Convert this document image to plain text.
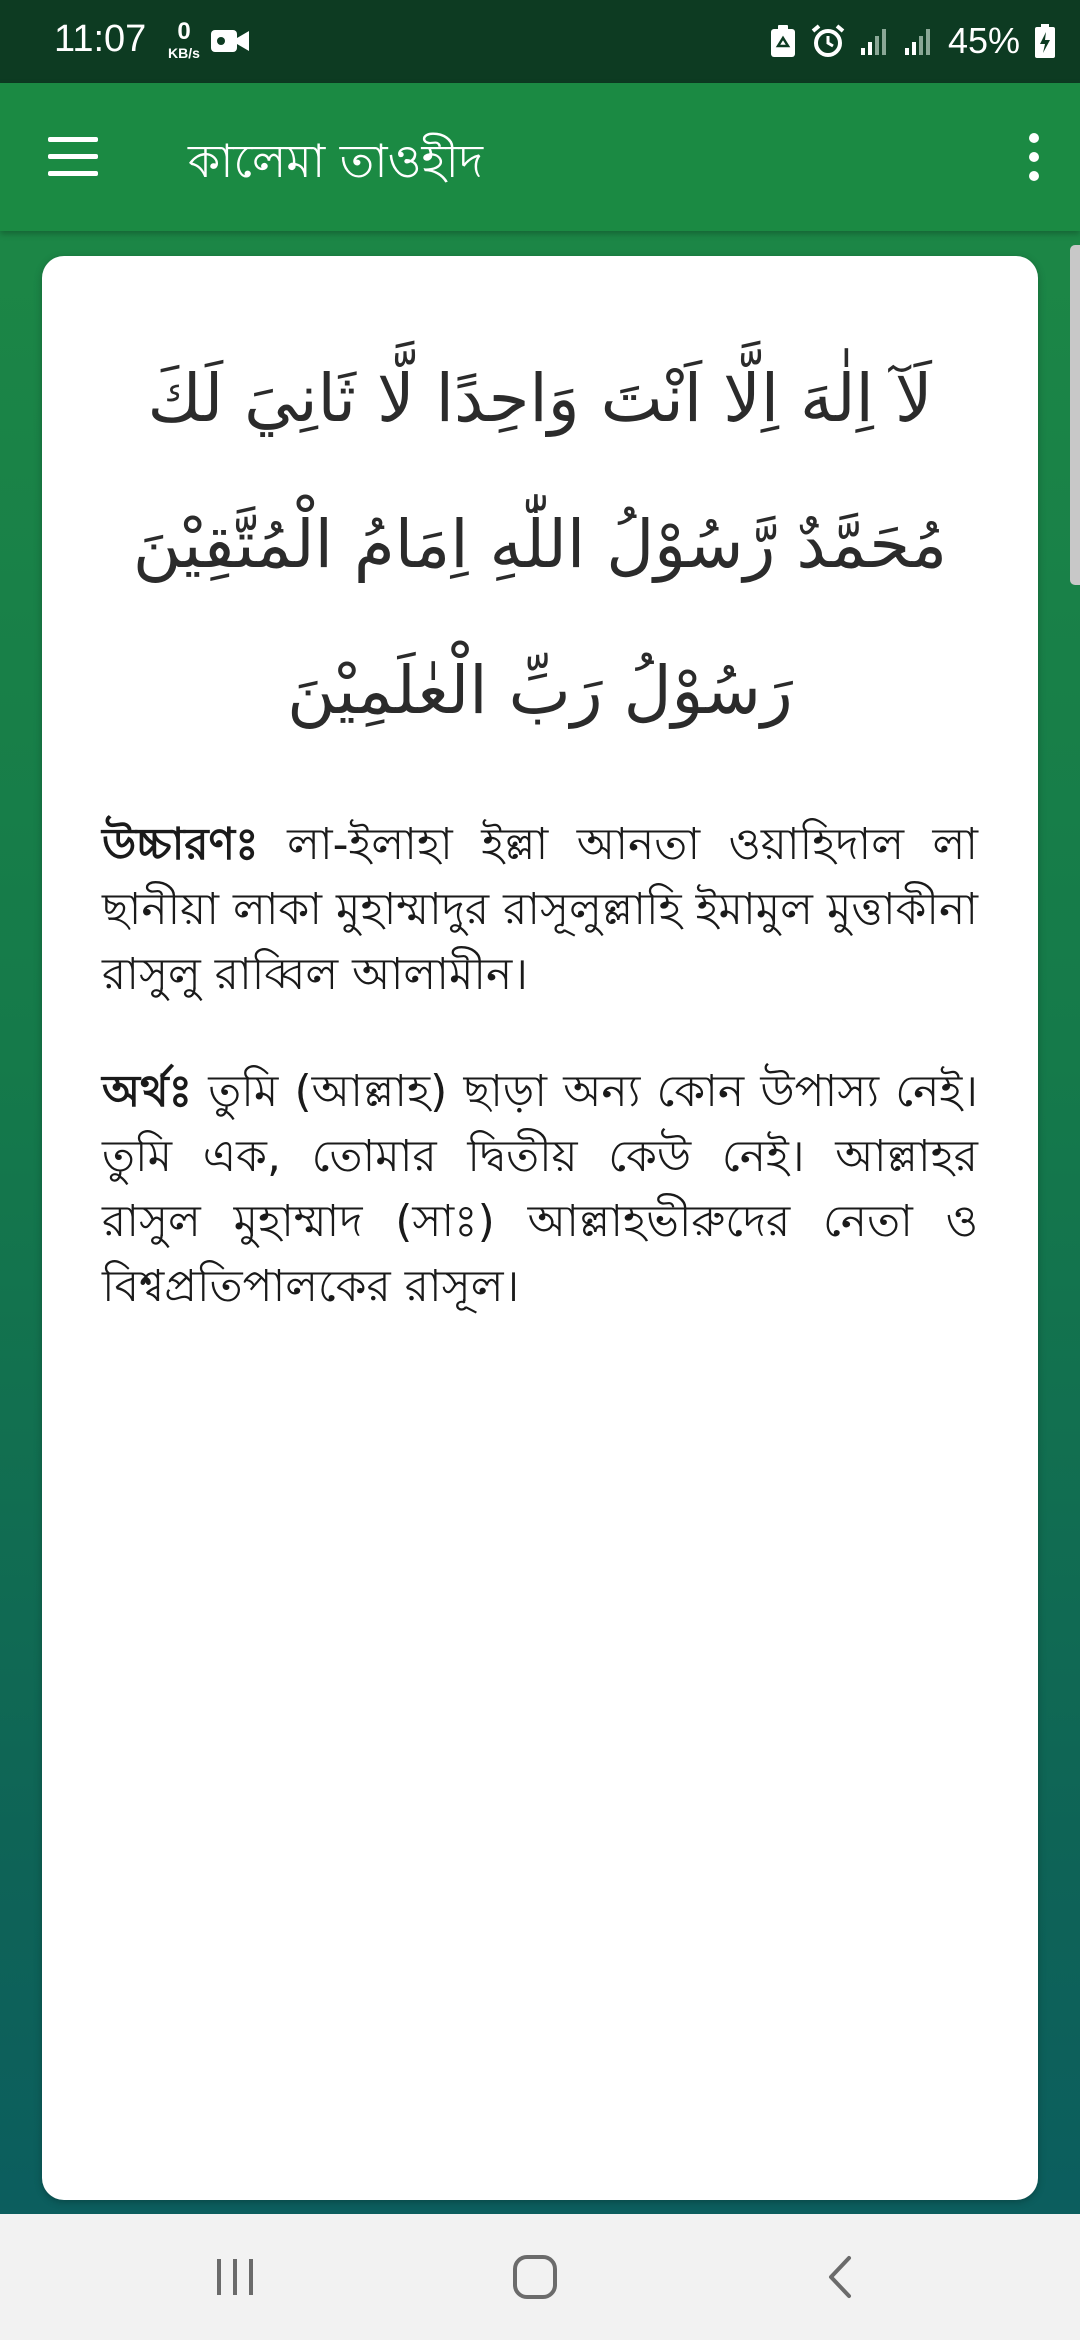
11:07	0
KB/s	45%
কালেমা তাওহীদ

لَآ اِلٰهَ اِلَّا اَنْتَ وَاحِدًا لَّا ثَانِيَ لَكَ مُحَمَّدٌ رَّسُوْلُ اللّٰهِ اِمَامُ الْمُتَّقِيْنَ رَسُوْلُ رَبِّ الْعٰلَمِيْنَ

উচ্চারণঃ লা-ইলাহা ইল্লা আনতা ওয়াহিদাল লা ছানীয়া লাকা মুহাম্মাদুর রাসূলুল্লাহি ইমামুল মুত্তাকীনা রাসুলু রাব্বিল আলামীন।

অর্থঃ তুমি (আল্লাহ) ছাড়া অন্য কোন উপাস্য নেই। তুমি এক, তোমার দ্বিতীয় কেউ নেই। আল্লাহর রাসুল মুহাম্মাদ (সাঃ) আল্লাহভীরুদের নেতা ও বিশ্বপ্রতিপালকের রাসূল।
